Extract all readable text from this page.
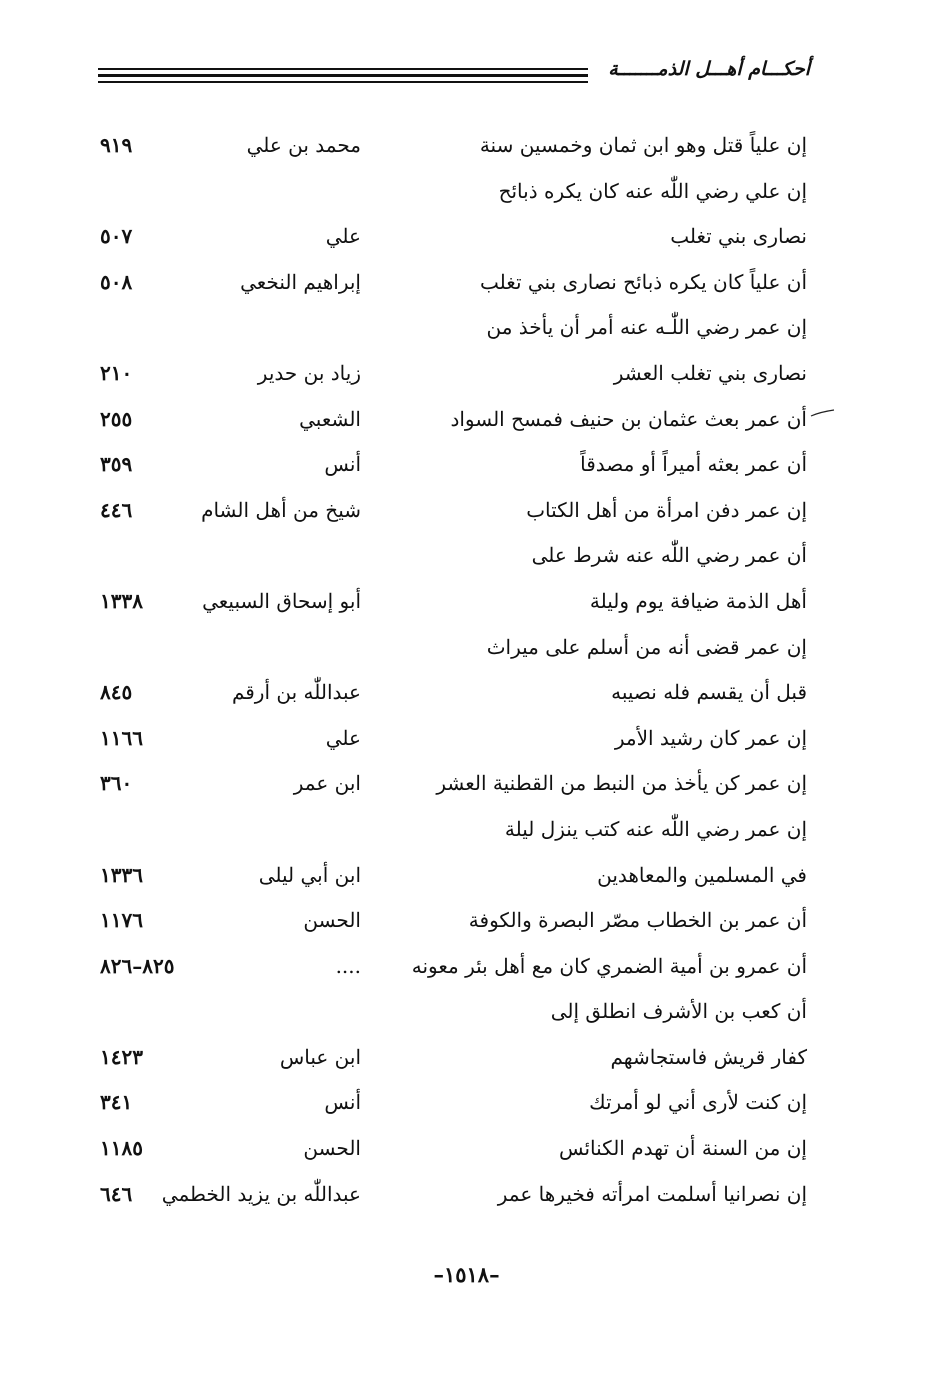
أحكـــام أهـــل الذمـــــــة
إن علياً قتل وهو ابن ثمان وخمسين سنة
محمد بن علي
٩١٩
إن علي رضي اللّٰه عنه كان يكره ذبائح
نصارى بني تغلب
علي
٥٠٧
أن علياً كان يكره ذبائح نصارى بني تغلب
إبراهيم النخعي
٥٠٨
إن عمر رضي اللّٰـه عنه أمر أن يأخذ من
نصارى بني تغلب العشر
زياد بن حدير
٢١٠
أن عمر بعث عثمان بن حنيف فمسح السواد
الشعبي
٢٥٥
أن عمر بعثه أميراً أو مصدقاً
أنس
٣٥٩
إن عمر دفن امرأة من أهل الكتاب
شيخ من أهل الشام
٤٤٦
أن عمر رضي اللّٰه عنه شرط على
أهل الذمة ضيافة يوم وليلة
أبو إسحاق السبيعي
١٣٣٨
إن عمر قضى أنه من أسلم على ميراث
قبل أن يقسم فله نصيبه
عبداللّٰه بن أرقم
٨٤٥
إن عمر كان رشيد الأمر
علي
١١٦٦
إن عمر كن يأخذ من النبط من القطنية العشر
ابن عمر
٣٦٠
إن عمر رضي اللّٰه عنه كتب ينزل ليلة
في المسلمين والمعاهدين
ابن أبي ليلى
١٣٣٦
أن عمر بن الخطاب مصّر البصرة والكوفة
الحسن
١١٧٦
أن عمرو بن أمية الضمري كان مع أهل بئر معونه
....
٨٢٥–٨٢٦
أن كعب بن الأشرف انطلق إلى
كفار قريش فاستجاشهم
ابن عباس
١٤٢٣
إن كنت لأرى أني لو أمرتك
أنس
٣٤١
إن من السنة أن تهدم الكنائس
الحسن
١١٨٥
إن نصرانيا أسلمت امرأته فخيرها عمر
عبداللّٰه بن يزيد الخطمي
٦٤٦
–١٥١٨–
